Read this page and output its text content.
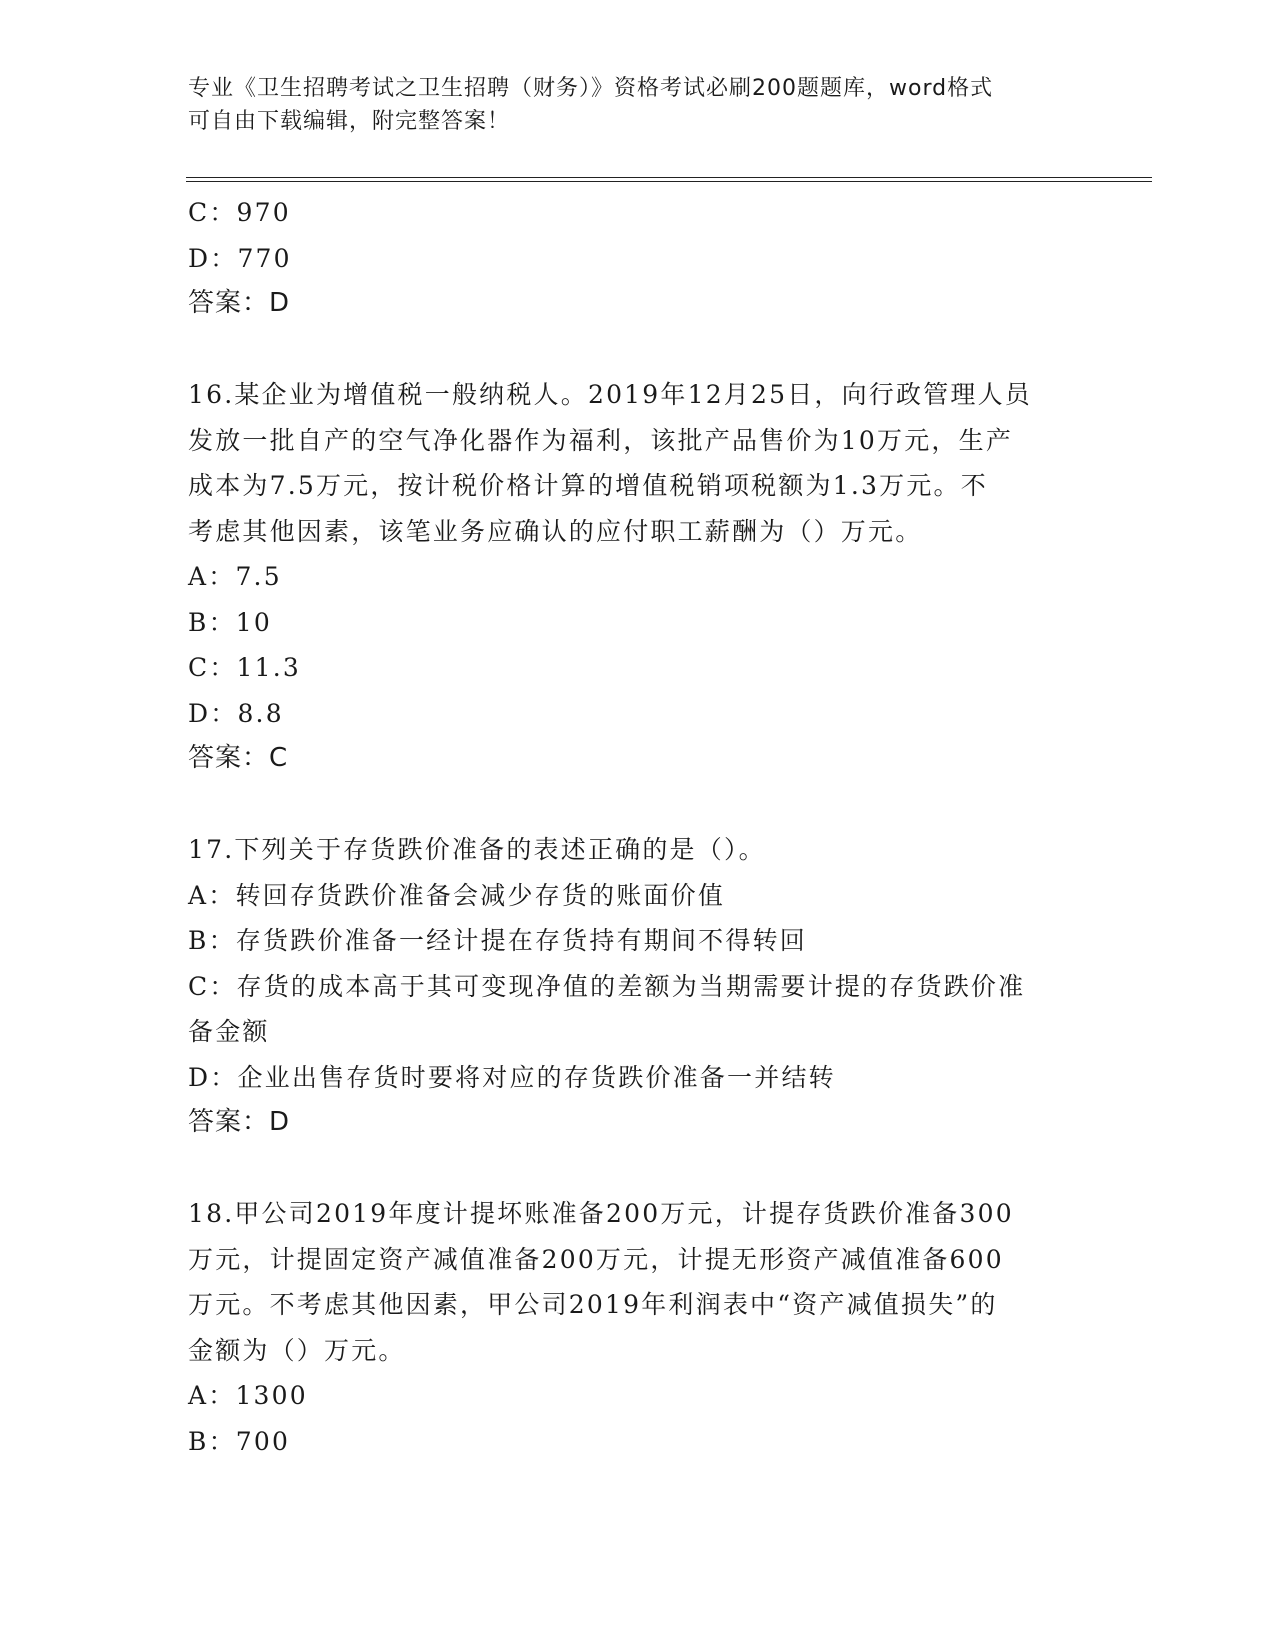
专业《卫生招聘考试之卫生招聘（财务）》资格考试必刷200题题库，word格式
可自由下载编辑，附完整答案！
C：970
D：770
答案：D
16.某企业为增值税一般纳税人。2019年12月25日，向行政管理人员
发放一批自产的空气净化器作为福利，该批产品售价为10万元，生产
成本为7.5万元，按计税价格计算的增值税销项税额为1.3万元。不
考虑其他因素，该笔业务应确认的应付职工薪酬为（）万元。
A：7.5
B：10
C：11.3
D：8.8
答案：C
17.下列关于存货跌价准备的表述正确的是（）。
A：转回存货跌价准备会减少存货的账面价值
B：存货跌价准备一经计提在存货持有期间不得转回
C：存货的成本高于其可变现净值的差额为当期需要计提的存货跌价准
备金额
D：企业出售存货时要将对应的存货跌价准备一并结转
答案：D
18.甲公司2019年度计提坏账准备200万元，计提存货跌价准备300
万元，计提固定资产减值准备200万元，计提无形资产减值准备600
万元。不考虑其他因素，甲公司2019年利润表中“资产减值损失”的
金额为（）万元。
A：1300
B：700
